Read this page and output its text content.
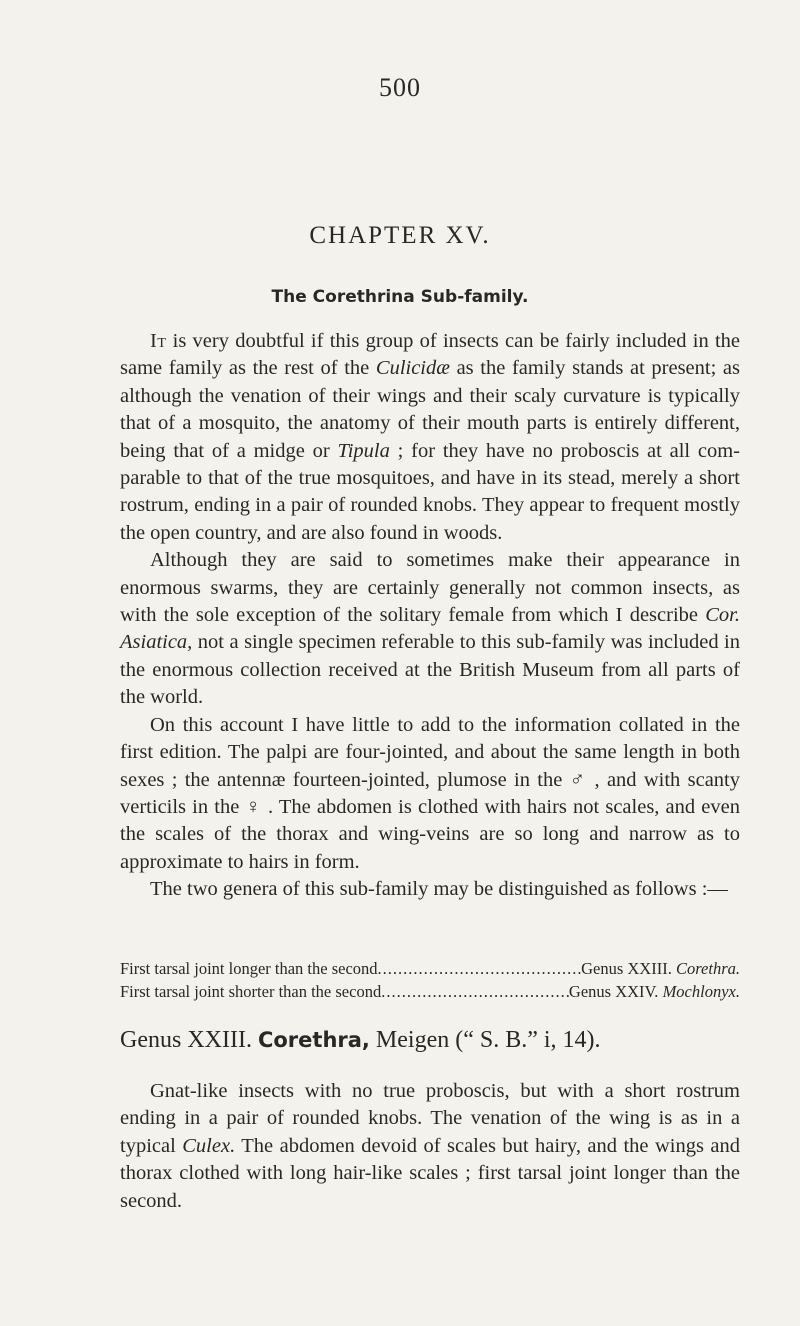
500
CHAPTER XV.
The Corethrina Sub-family.

It is very doubtful if this group of insects can be fairly included in the same family as the rest of the Culicidæ as the family stands at present; as although the venation of their wings and their scaly curvature is typically that of a mosquito, the anatomy of their mouth parts is entirely different, being that of a midge or Tipula ; for they have no proboscis at all comparable to that of the true mosquitoes, and have in its stead, merely a short rostrum, ending in a pair of rounded knobs. They appear to frequent mostly the open country, and are also found in woods.

Although they are said to sometimes make their appearance in enormous swarms, they are certainly generally not common insects, as with the sole exception of the solitary female from which I describe Cor. Asiatica, not a single specimen referable to this sub-family was included in the enormous collection received at the British Museum from all parts of the world.

On this account I have little to add to the information collated in the first edition. The palpi are four-jointed, and about the same length in both sexes ; the antennæ fourteen-jointed, plumose in the ♂ , and with scanty verticils in the ♀ . The abdomen is clothed with hairs not scales, and even the scales of the thorax and wing-veins are so long and narrow as to approximate to hairs in form.

The two genera of this sub-family may be distinguished as follows :—

First tarsal joint longer than the second .....	Genus XXIII. Corethra.
First tarsal joint shorter than the second .....	Genus XXIV. Mochlonyx.
Genus XXIII. Corethra, Meigen (“ S. B.” i, 14).

Gnat-like insects with no true proboscis, but with a short rostrum ending in a pair of rounded knobs. The venation of the wing is as in a typical Culex. The abdomen devoid of scales but hairy, and the wings and thorax clothed with long hair-like scales ; first tarsal joint longer than the second.
